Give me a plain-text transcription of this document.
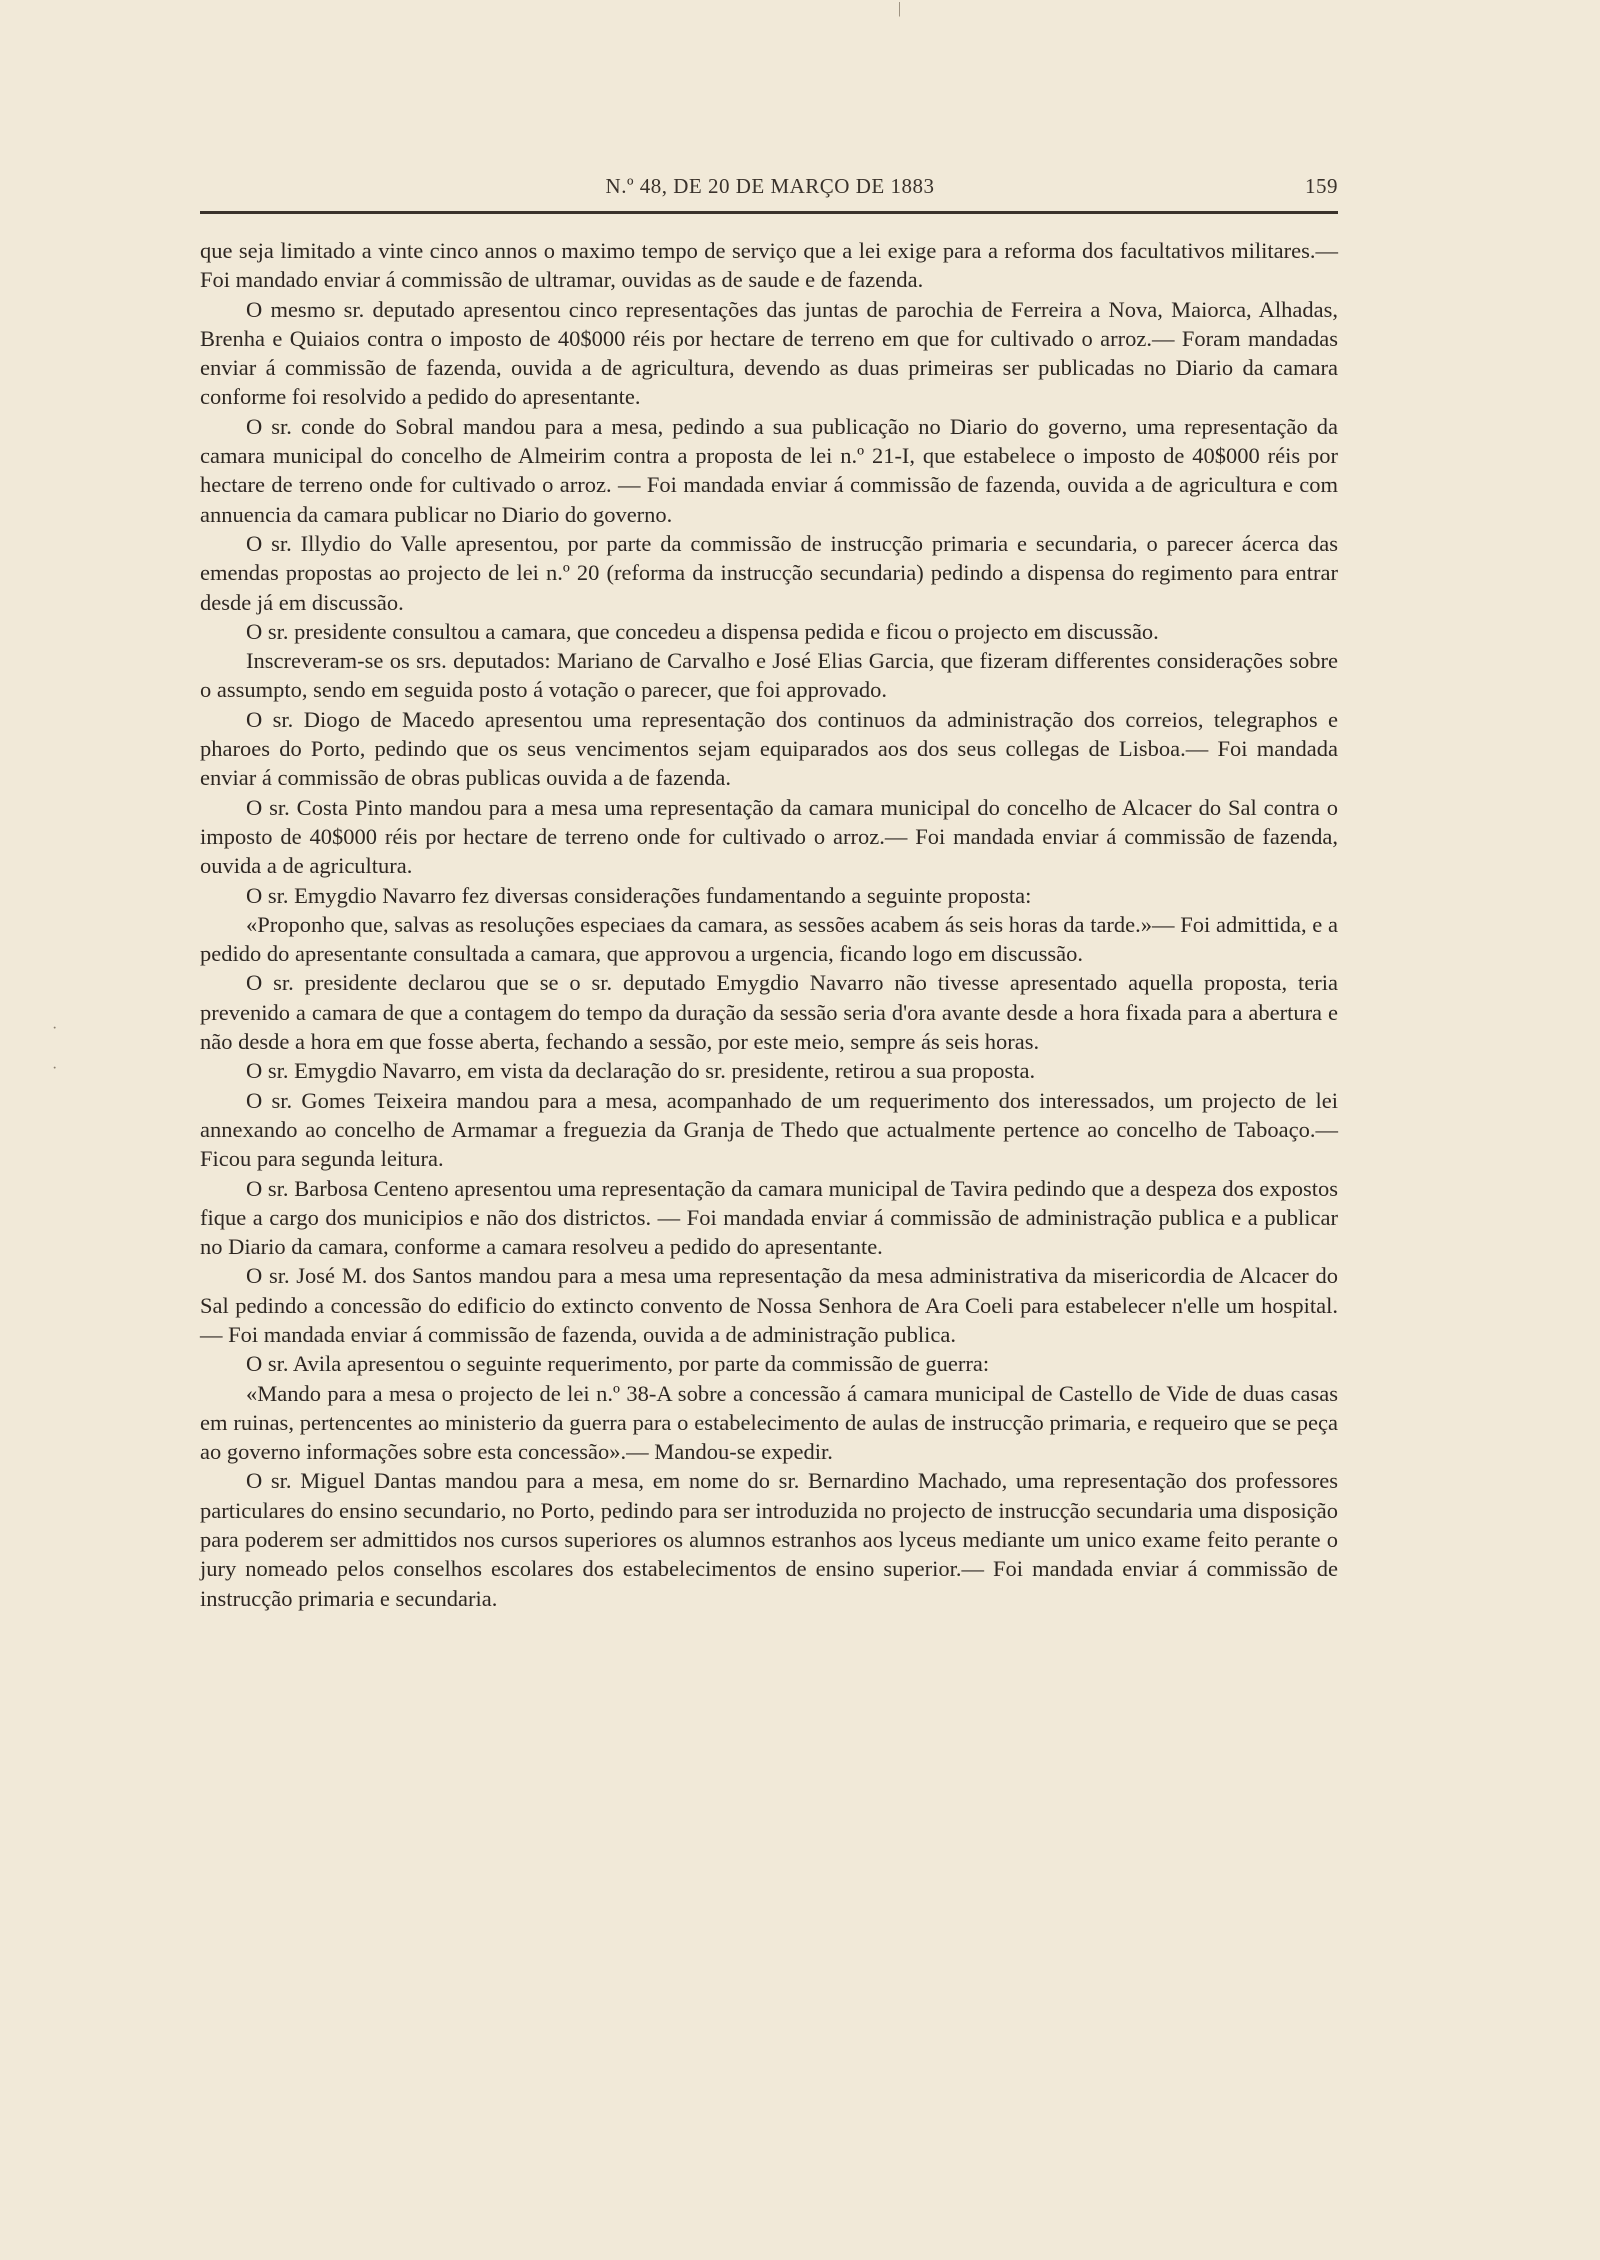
N.º 48, DE 20 DE MARÇO DE 1883	159

que seja limitado a vinte cinco annos o maximo tempo de serviço que a lei exige para a reforma dos facultativos militares.—Foi mandado enviar á commissão de ultramar, ouvidas as de saude e de fazenda.

O mesmo sr. deputado apresentou cinco representações das juntas de parochia de Ferreira a Nova, Maiorca, Alhadas, Brenha e Quiaios contra o imposto de 40$000 réis por hectare de terreno em que for cultivado o arroz.— Foram mandadas enviar á commissão de fazenda, ouvida a de agricultura, devendo as duas primeiras ser publicadas no Diario da camara conforme foi resolvido a pedido do apresentante.

O sr. conde do Sobral mandou para a mesa, pedindo a sua publicação no Diario do governo, uma representação da camara municipal do concelho de Almeirim contra a proposta de lei n.º 21-I, que estabelece o imposto de 40$000 réis por hectare de terreno onde for cultivado o arroz. — Foi mandada enviar á commissão de fazenda, ouvida a de agricultura e com annuencia da camara publicar no Diario do governo.

O sr. Illydio do Valle apresentou, por parte da commissão de instrucção primaria e secundaria, o parecer ácerca das emendas propostas ao projecto de lei n.º 20 (reforma da instrucção secundaria) pedindo a dispensa do regimento para entrar desde já em discussão.

O sr. presidente consultou a camara, que concedeu a dispensa pedida e ficou o projecto em discussão.

Inscreveram-se os srs. deputados: Mariano de Carvalho e José Elias Garcia, que fizeram differentes considerações sobre o assumpto, sendo em seguida posto á votação o parecer, que foi approvado.

O sr. Diogo de Macedo apresentou uma representação dos continuos da administração dos correios, telegraphos e pharoes do Porto, pedindo que os seus vencimentos sejam equiparados aos dos seus collegas de Lisboa.— Foi mandada enviar á commissão de obras publicas ouvida a de fazenda.

O sr. Costa Pinto mandou para a mesa uma representação da camara municipal do concelho de Alcacer do Sal contra o imposto de 40$000 réis por hectare de terreno onde for cultivado o arroz.— Foi mandada enviar á commissão de fazenda, ouvida a de agricultura.

O sr. Emygdio Navarro fez diversas considerações fundamentando a seguinte proposta:

«Proponho que, salvas as resoluções especiaes da camara, as sessões acabem ás seis horas da tarde.»— Foi admittida, e a pedido do apresentante consultada a camara, que approvou a urgencia, ficando logo em discussão.

O sr. presidente declarou que se o sr. deputado Emygdio Navarro não tivesse apresentado aquella proposta, teria prevenido a camara de que a contagem do tempo da duração da sessão seria d'ora avante desde a hora fixada para a abertura e não desde a hora em que fosse aberta, fechando a sessão, por este meio, sempre ás seis horas.

O sr. Emygdio Navarro, em vista da declaração do sr. presidente, retirou a sua proposta.

O sr. Gomes Teixeira mandou para a mesa, acompanhado de um requerimento dos interessados, um projecto de lei annexando ao concelho de Armamar a freguezia da Granja de Thedo que actualmente pertence ao concelho de Taboaço.— Ficou para segunda leitura.

O sr. Barbosa Centeno apresentou uma representação da camara municipal de Tavira pedindo que a despeza dos expostos fique a cargo dos municipios e não dos districtos. — Foi mandada enviar á commissão de administração publica e a publicar no Diario da camara, conforme a camara resolveu a pedido do apresentante.

O sr. José M. dos Santos mandou para a mesa uma representação da mesa administrativa da misericordia de Alcacer do Sal pedindo a concessão do edificio do extincto convento de Nossa Senhora de Ara Coeli para estabelecer n'elle um hospital.— Foi mandada enviar á commissão de fazenda, ouvida a de administração publica.

O sr. Avila apresentou o seguinte requerimento, por parte da commissão de guerra:

«Mando para a mesa o projecto de lei n.º 38-A sobre a concessão á camara municipal de Castello de Vide de duas casas em ruinas, pertencentes ao ministerio da guerra para o estabelecimento de aulas de instrucção primaria, e requeiro que se peça ao governo informações sobre esta concessão».— Mandou-se expedir.

O sr. Miguel Dantas mandou para a mesa, em nome do sr. Bernardino Machado, uma representação dos professores particulares do ensino secundario, no Porto, pedindo para ser introduzida no projecto de instrucção secundaria uma disposição para poderem ser admittidos nos cursos superiores os alumnos estranhos aos lyceus mediante um unico exame feito perante o jury nomeado pelos conselhos escolares dos estabelecimentos de ensino superior.— Foi mandada enviar á commissão de instrucção primaria e secundaria.

|
·
·
